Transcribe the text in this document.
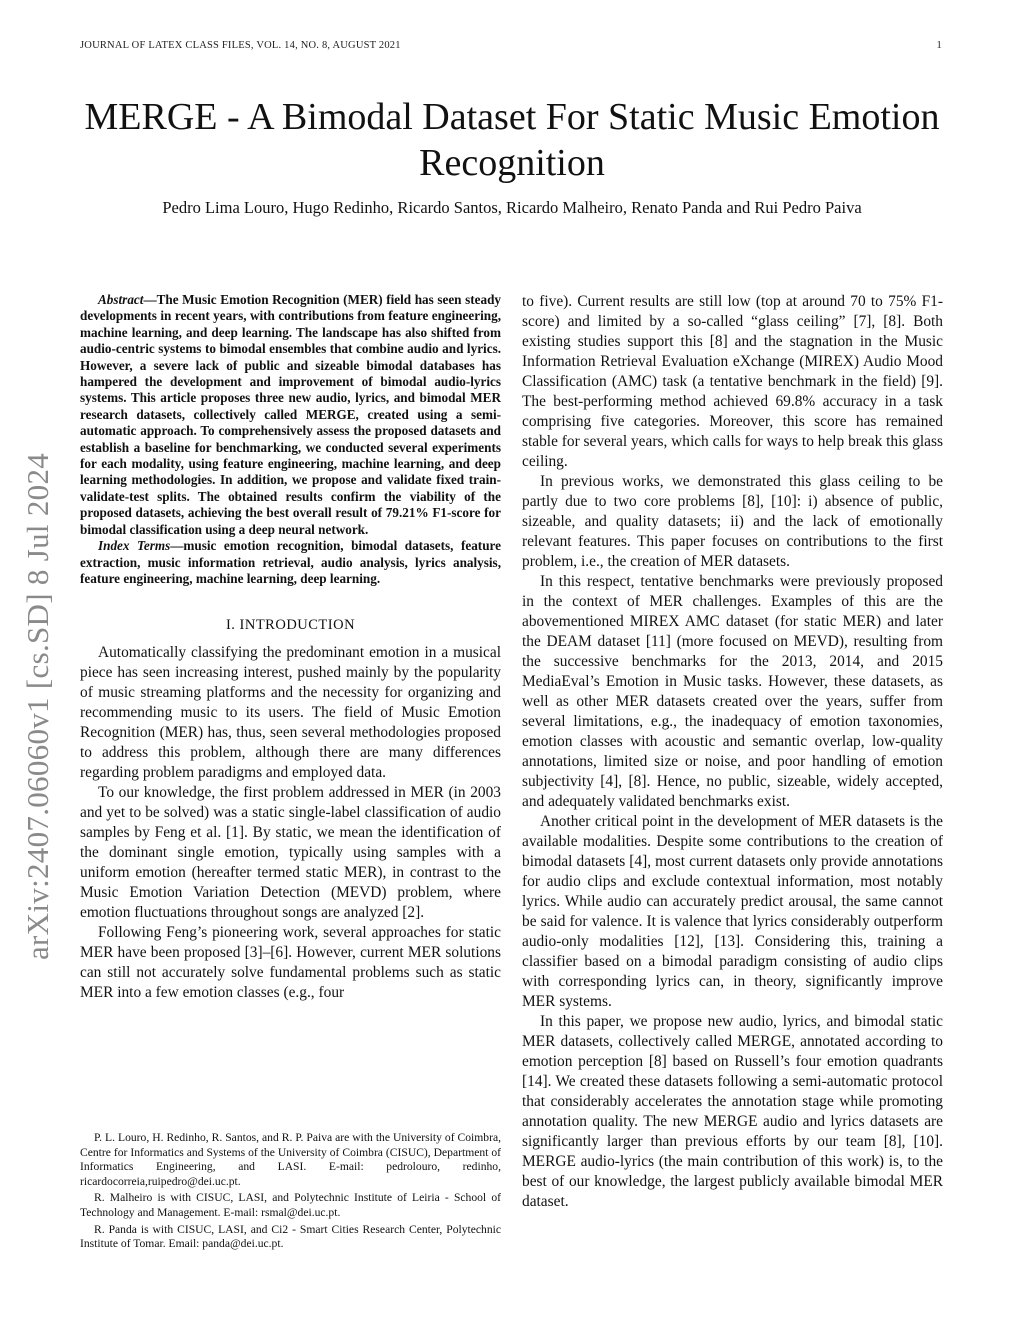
JOURNAL OF LATEX CLASS FILES, VOL. 14, NO. 8, AUGUST 2021	1
MERGE - A Bimodal Dataset For Static Music Emotion Recognition
Pedro Lima Louro, Hugo Redinho, Ricardo Santos, Ricardo Malheiro, Renato Panda and Rui Pedro Paiva
arXiv:2407.06060v1 [cs.SD] 8 Jul 2024

Abstract—The Music Emotion Recognition (MER) field has seen steady developments in recent years, with contributions from feature engineering, machine learning, and deep learning. The landscape has also shifted from audio-centric systems to bimodal ensembles that combine audio and lyrics. However, a severe lack of public and sizeable bimodal databases has hampered the development and improvement of bimodal audio-lyrics systems. This article proposes three new audio, lyrics, and bimodal MER research datasets, collectively called MERGE, created using a semi-automatic approach. To comprehensively assess the proposed datasets and establish a baseline for benchmarking, we conducted several experiments for each modality, using feature engineering, machine learning, and deep learning methodologies. In addition, we propose and validate fixed train-validate-test splits. The obtained results confirm the viability of the proposed datasets, achieving the best overall result of 79.21% F1-score for bimodal classification using a deep neural network.

Index Terms—music emotion recognition, bimodal datasets, feature extraction, music information retrieval, audio analysis, lyrics analysis, feature engineering, machine learning, deep learning.

I. INTRODUCTION

Automatically classifying the predominant emotion in a musical piece has seen increasing interest, pushed mainly by the popularity of music streaming platforms and the necessity for organizing and recommending music to its users. The field of Music Emotion Recognition (MER) has, thus, seen several methodologies proposed to address this problem, although there are many differences regarding problem paradigms and employed data.

To our knowledge, the first problem addressed in MER (in 2003 and yet to be solved) was a static single-label classification of audio samples by Feng et al. [1]. By static, we mean the identification of the dominant single emotion, typically using samples with a uniform emotion (hereafter termed static MER), in contrast to the Music Emotion Variation Detection (MEVD) problem, where emotion fluctuations throughout songs are analyzed [2].

Following Feng’s pioneering work, several approaches for static MER have been proposed [3]–[6]. However, current MER solutions can still not accurately solve fundamental problems such as static MER into a few emotion classes (e.g., four

P. L. Louro, H. Redinho, R. Santos, and R. P. Paiva are with the University of Coimbra, Centre for Informatics and Systems of the University of Coimbra (CISUC), Department of Informatics Engineering, and LASI. E-mail: pedrolouro, redinho, ricardocorreia,ruipedro@dei.uc.pt.

R. Malheiro is with CISUC, LASI, and Polytechnic Institute of Leiria - School of Technology and Management. E-mail: rsmal@dei.uc.pt.

R. Panda is with CISUC, LASI, and Ci2 - Smart Cities Research Center, Polytechnic Institute of Tomar. Email: panda@dei.uc.pt.

to five). Current results are still low (top at around 70 to 75% F1-score) and limited by a so-called “glass ceiling” [7], [8]. Both existing studies support this [8] and the stagnation in the Music Information Retrieval Evaluation eXchange (MIREX) Audio Mood Classification (AMC) task (a tentative benchmark in the field) [9]. The best-performing method achieved 69.8% accuracy in a task comprising five categories. Moreover, this score has remained stable for several years, which calls for ways to help break this glass ceiling.

In previous works, we demonstrated this glass ceiling to be partly due to two core problems [8], [10]: i) absence of public, sizeable, and quality datasets; ii) and the lack of emotionally relevant features. This paper focuses on contributions to the first problem, i.e., the creation of MER datasets.

In this respect, tentative benchmarks were previously proposed in the context of MER challenges. Examples of this are the abovementioned MIREX AMC dataset (for static MER) and later the DEAM dataset [11] (more focused on MEVD), resulting from the successive benchmarks for the 2013, 2014, and 2015 MediaEval’s Emotion in Music tasks. However, these datasets, as well as other MER datasets created over the years, suffer from several limitations, e.g., the inadequacy of emotion taxonomies, emotion classes with acoustic and semantic overlap, low-quality annotations, limited size or noise, and poor handling of emotion subjectivity [4], [8]. Hence, no public, sizeable, widely accepted, and adequately validated benchmarks exist.

Another critical point in the development of MER datasets is the available modalities. Despite some contributions to the creation of bimodal datasets [4], most current datasets only provide annotations for audio clips and exclude contextual information, most notably lyrics. While audio can accurately predict arousal, the same cannot be said for valence. It is valence that lyrics considerably outperform audio-only modalities [12], [13]. Considering this, training a classifier based on a bimodal paradigm consisting of audio clips with corresponding lyrics can, in theory, significantly improve MER systems.

In this paper, we propose new audio, lyrics, and bimodal static MER datasets, collectively called MERGE, annotated according to emotion perception [8] based on Russell’s four emotion quadrants [14]. We created these datasets following a semi-automatic protocol that considerably accelerates the annotation stage while promoting annotation quality. The new MERGE audio and lyrics datasets are significantly larger than previous efforts by our team [8], [10]. MERGE audio-lyrics (the main contribution of this work) is, to the best of our knowledge, the largest publicly available bimodal MER dataset.
